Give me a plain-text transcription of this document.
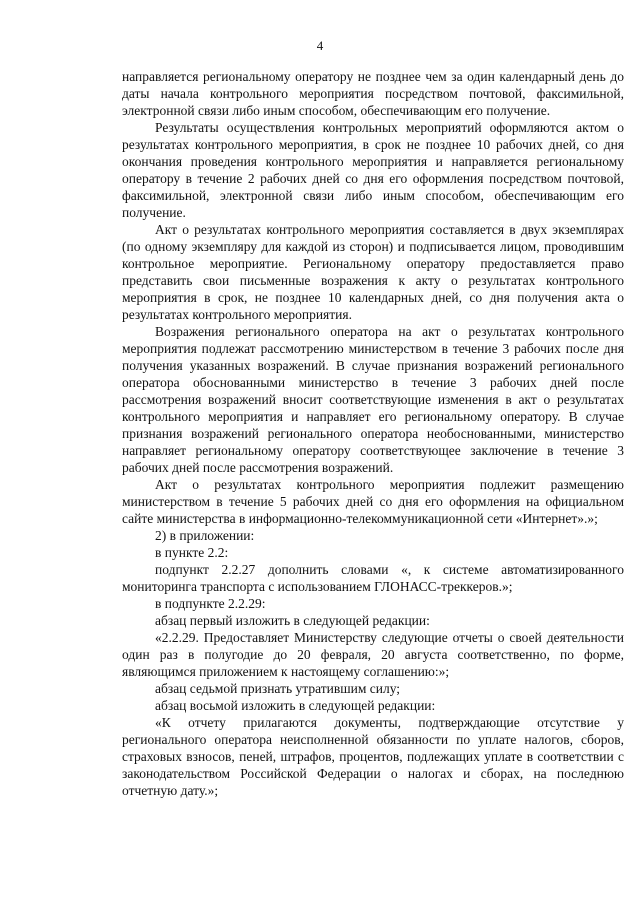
4

направляется региональному оператору не позднее чем за один календарный день до даты начала контрольного мероприятия посредством почтовой, факсимильной, электронной связи либо иным способом, обеспечивающим его получение.

Результаты осуществления контрольных мероприятий оформляются актом о результатах контрольного мероприятия, в срок не позднее 10 рабочих дней, со дня окончания проведения контрольного мероприятия и направляется региональному оператору в течение 2 рабочих дней со дня его оформления посредством почтовой, факсимильной, электронной связи либо иным способом, обеспечивающим его получение.

Акт о результатах контрольного мероприятия составляется в двух экземплярах (по одному экземпляру для каждой из сторон) и подписывается лицом, проводившим контрольное мероприятие. Региональному оператору предоставляется право представить свои письменные возражения к акту о результатах контрольного мероприятия в срок, не позднее 10 календарных дней, со дня получения акта о результатах контрольного мероприятия.

Возражения регионального оператора на акт о результатах контрольного мероприятия подлежат рассмотрению министерством в течение 3 рабочих после дня получения указанных возражений. В случае признания возражений регионального оператора обоснованными министерство в течение 3 рабочих дней после рассмотрения возражений вносит соответствующие изменения в акт о результатах контрольного мероприятия и направляет его региональному оператору. В случае признания возражений регионального оператора необоснованными, министерство направляет региональному оператору соответствующее заключение в течение 3 рабочих дней после рассмотрения возражений.

Акт о результатах контрольного мероприятия подлежит размещению министерством в течение 5 рабочих дней со дня его оформления на официальном сайте министерства в информационно-телекоммуникационной сети «Интернет».»;

2) в приложении:

в пункте 2.2:

подпункт 2.2.27 дополнить словами «, к системе автоматизированного мониторинга транспорта с использованием ГЛОНАСС-треккеров.»;

в подпункте 2.2.29:

абзац первый изложить в следующей редакции:

«2.2.29. Предоставляет Министерству следующие отчеты о своей деятельности один раз в полугодие до 20 февраля, 20 августа соответственно, по форме, являющимся приложением к настоящему соглашению:»;

абзац седьмой признать утратившим силу;

абзац восьмой изложить в следующей редакции:

«К отчету прилагаются документы, подтверждающие отсутствие у регионального оператора неисполненной обязанности по уплате налогов, сборов, страховых взносов, пеней, штрафов, процентов, подлежащих уплате в соответствии с законодательством Российской Федерации о налогах и сборах, на последнюю отчетную дату.»;
